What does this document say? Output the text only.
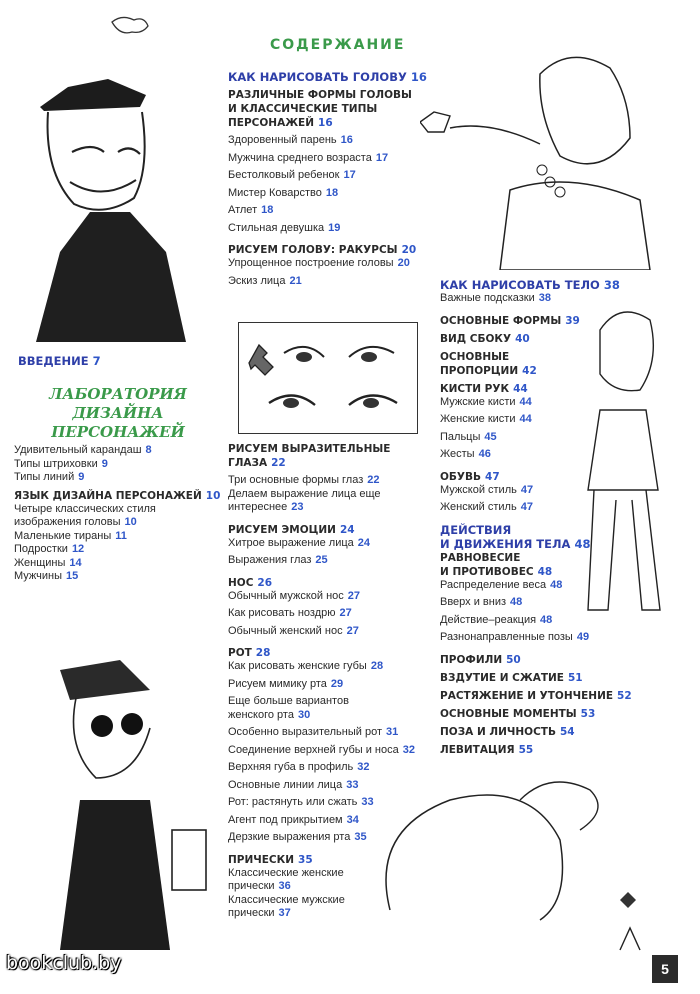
СОДЕРЖАНИЕ

ВВЕДЕНИЕ 7

ЛАБОРАТОРИЯ
ДИЗАЙНА ПЕРСОНАЖЕЙ

Удивительный карандаш 8

Типы штриховки 9

Типы линий 9

ЯЗЫК ДИЗАЙНА ПЕРСОНАЖЕЙ 10

Четыре классических стиля

изображения головы 10

Маленькие тираны 11

Подростки 12

Женщины 14

Мужчины 15

КАК НАРИСОВАТЬ ГОЛОВУ 16

РАЗЛИЧНЫЕ ФОРМЫ ГОЛОВЫ

И КЛАССИЧЕСКИЕ ТИПЫ

ПЕРСОНАЖЕЙ 16

Здоровенный парень 16

Мужчина среднего возраста 17

Бестолковый ребенок 17

Мистер Коварство 18

Атлет 18

Стильная девушка 19

РИСУЕМ ГОЛОВУ: РАКУРСЫ 20

Упрощенное построение головы 20

Эскиз лица 21

РИСУЕМ ВЫРАЗИТЕЛЬНЫЕ

ГЛАЗА 22

Три основные формы глаз 22

Делаем выражение лица еще

интереснее 23

РИСУЕМ ЭМОЦИИ 24

Хитрое выражение лица 24

Выражения глаз 25

НОС 26

Обычный мужской нос 27

Как рисовать ноздрю 27

Обычный женский нос 27

РОТ 28

Как рисовать женские губы 28

Рисуем мимику рта 29

Еще больше вариантов

женского рта 30

Особенно выразительный рот 31

Соединение верхней губы и носа 32

Верхняя губа в профиль 32

Основные линии лица 33

Рот: растянуть или сжать 33

Агент под прикрытием 34

Дерзкие выражения рта 35

ПРИЧЕСКИ 35

Классические женские

прически 36

Классические мужские

прически 37

КАК НАРИСОВАТЬ ТЕЛО 38

Важные подсказки 38

ОСНОВНЫЕ ФОРМЫ 39

ВИД СБОКУ 40

ОСНОВНЫЕ

ПРОПОРЦИИ 42

КИСТИ РУК 44

Мужские кисти 44

Женские кисти 44

Пальцы 45

Жесты 46

ОБУВЬ 47

Мужской стиль 47

Женский стиль 47

ДЕЙСТВИЯ

И ДВИЖЕНИЯ ТЕЛА 48

РАВНОВЕСИЕ

И ПРОТИВОВЕС 48

Распределение веса 48

Вверх и вниз 48

Действие–реакция 48

Разнонаправленные позы 49

ПРОФИЛИ 50

ВЗДУТИЕ И СЖАТИЕ 51

РАСТЯЖЕНИЕ И УТОНЧЕНИЕ 52

ОСНОВНЫЕ МОМЕНТЫ 53

ПОЗА И ЛИЧНОСТЬ 54

ЛЕВИТАЦИЯ 55

bookclub.by	5
